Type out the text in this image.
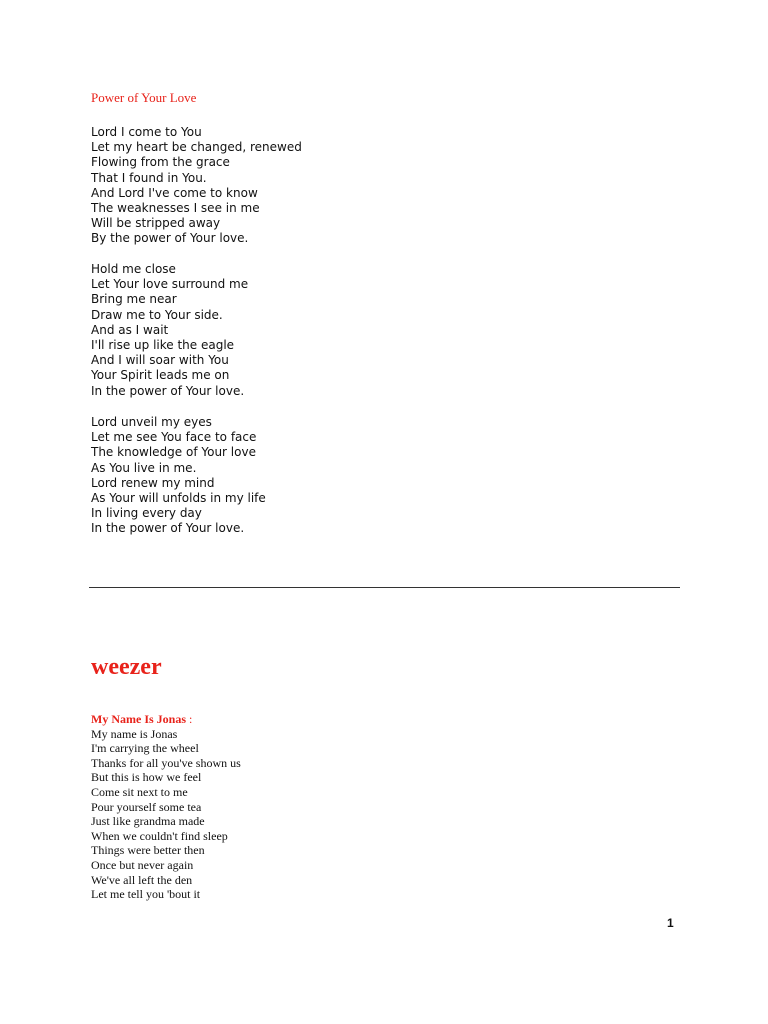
Power of Your Love
Lord I come to You
Let my heart be changed, renewed
Flowing from the grace
That I found in You.
And Lord I've come to know
The weaknesses I see in me
Will be stripped away
By the power of Your love.
Hold me close
Let Your love surround me
Bring me near
Draw me to Your side.
And as I wait
I'll rise up like the eagle
And I will soar with You
Your Spirit leads me on
In the power of Your love.
Lord unveil my eyes
Let me see You face to face
The knowledge of Your love
As You live in me.
Lord renew my mind
As Your will unfolds in my life
In living every day
In the power of Your love.
weezer
My Name Is Jonas :
My name is Jonas
I'm carrying the wheel
Thanks for all you've shown us
But this is how we feel
Come sit next to me
Pour yourself some tea
Just like grandma made
When we couldn't find sleep
Things were better then
Once but never again
We've all left the den
Let me tell you 'bout it
1
